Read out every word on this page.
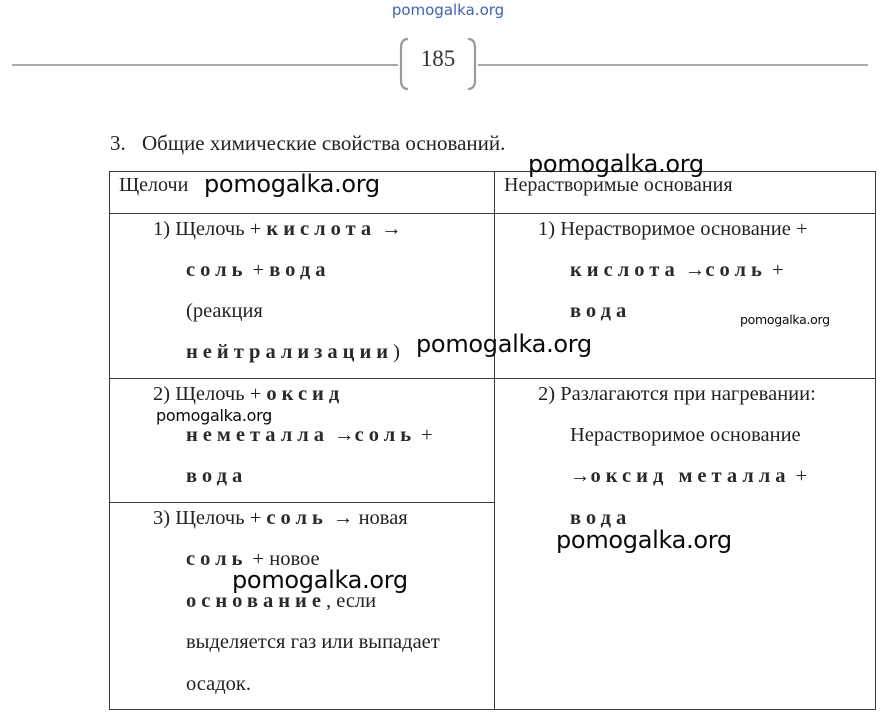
pomogalka.org
185
3. Общие химические свойства оснований.
Щелочи	Нерастворимые основания
1) Щелочь + кислота →
соль + вода
(реакция
нейтрализации)
2) Щелочь + оксид
неметалла →соль +
вода
3) Щелочь + соль → новая
соль + новое
основание, если
выделяется газ или выпадает
осадок.
1) Нерастворимое основание +
кислота →соль +
вода
2) Разлагаются при нагревании:
Нерастворимое основание
→оксид металла +
вода
pomogalka.org
pomogalka.org
pomogalka.org
pomogalka.org
pomogalka.org
pomogalka.org
pomogalka.org
